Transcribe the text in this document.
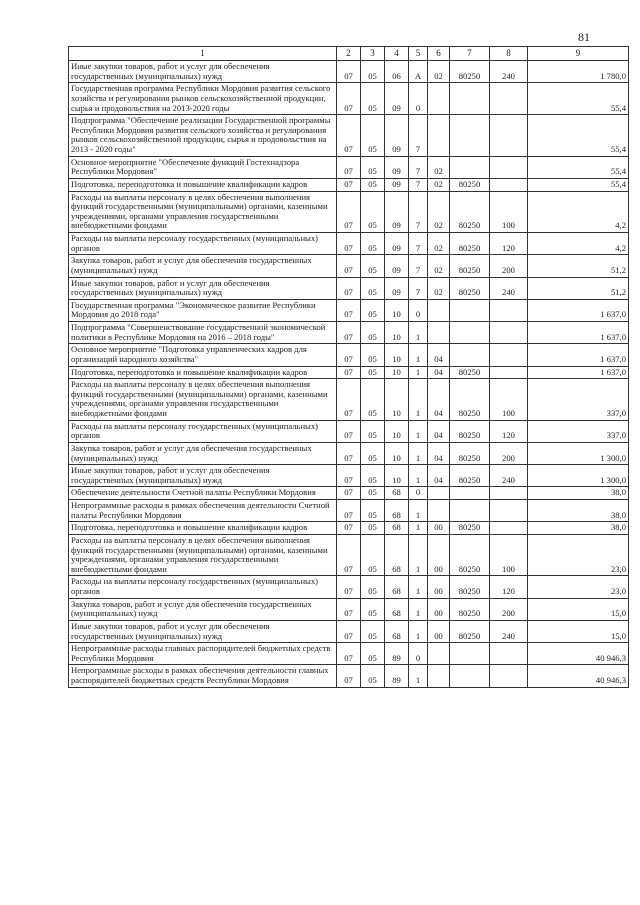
81
1	2	3	4	5	6	7	8	9
Иные закупки товаров, работ и услуг для обеспечения государственных (муниципальных) нужд	07	05	06	А	02	80250	240	1 780,0
Государственная программа Республики Мордовия развития сельского хозяйства и регулирования рынков сельскохозяйственной продукции, сырья и продовольствия на 2013-2020 годы	07	05	09	0				55,4
Подпрограмма "Обеспечение реализации Государственной программы Республики Мордовия развития сельского хозяйства и регулирования рынков сельскохозяйственной продукции, сырья и продовольствия на 2013 - 2020 годы"	07	05	09	7				55,4
Основное мероприятие "Обеспечение функций Гостехнадзора Республики Мордовия"	07	05	09	7	02			55,4
Подготовка, переподготовка и повышение квалификации кадров	07	05	09	7	02	80250		55,4
Расходы на выплаты персоналу в целях обеспечения выполнения функций государственными (муниципальными) органами, казенными учреждениями, органами управления государственными внебюджетными фондами	07	05	09	7	02	80250	100	4,2
Расходы на выплаты персоналу государственных (муниципальных) органов	07	05	09	7	02	80250	120	4,2
Закупка товаров, работ и услуг для обеспечения государственных (муниципальных) нужд	07	05	09	7	02	80250	200	51,2
Иные закупки товаров, работ и услуг для обеспечения государственных (муниципальных) нужд	07	05	09	7	02	80250	240	51,2
Государственная программа "Экономическое развитие Республики Мордовия до 2018 года"	07	05	10	0				1 637,0
Подпрограмма "Совершенствование государственной экономической политики в Республике Мордовия на 2016 – 2018 годы"	07	05	10	1				1 637,0
Основное мероприятие "Подготовка управленческих кадров для организаций народного хозяйства"	07	05	10	1	04			1 637,0
Подготовка, переподготовка и повышение квалификации кадров	07	05	10	1	04	80250		1 637,0
Расходы на выплаты персоналу в целях обеспечения выполнения функций государственными (муниципальными) органами, казенными учреждениями, органами управления государственными внебюджетными фондами	07	05	10	1	04	80250	100	337,0
Расходы на выплаты персоналу государственных (муниципальных) органов	07	05	10	1	04	80250	120	337,0
Закупка товаров, работ и услуг для обеспечения государственных (муниципальных) нужд	07	05	10	1	04	80250	200	1 300,0
Иные закупки товаров, работ и услуг для обеспечения государственных (муниципальных) нужд	07	05	10	1	04	80250	240	1 300,0
Обеспечение деятельности Счетной палаты Республики Мордовия	07	05	68	0				38,0
Непрограммные расходы в рамках обеспечения деятельности Счетной палаты Республики Мордовия	07	05	68	1				38,0
Подготовка, переподготовка и повышение квалификации кадров	07	05	68	1	00	80250		38,0
Расходы на выплаты персоналу в целях обеспечения выполнения функций государственными (муниципальными) органами, казенными учреждениями, органами управления государственными внебюджетными фондами	07	05	68	1	00	80250	100	23,0
Расходы на выплаты персоналу государственных (муниципальных) органов	07	05	68	1	00	80250	120	23,0
Закупка товаров, работ и услуг для обеспечения государственных (муниципальных) нужд	07	05	68	1	00	80250	200	15,0
Иные закупки товаров, работ и услуг для обеспечения государственных (муниципальных) нужд	07	05	68	1	00	80250	240	15,0
Непрограммные расходы главных распорядителей бюджетных средств Республики Мордовия	07	05	89	0				40 946,3
Непрограммные расходы в рамках обеспечения деятельности главных распорядителей бюджетных средств Республики Мордовия	07	05	89	1				40 946,3
